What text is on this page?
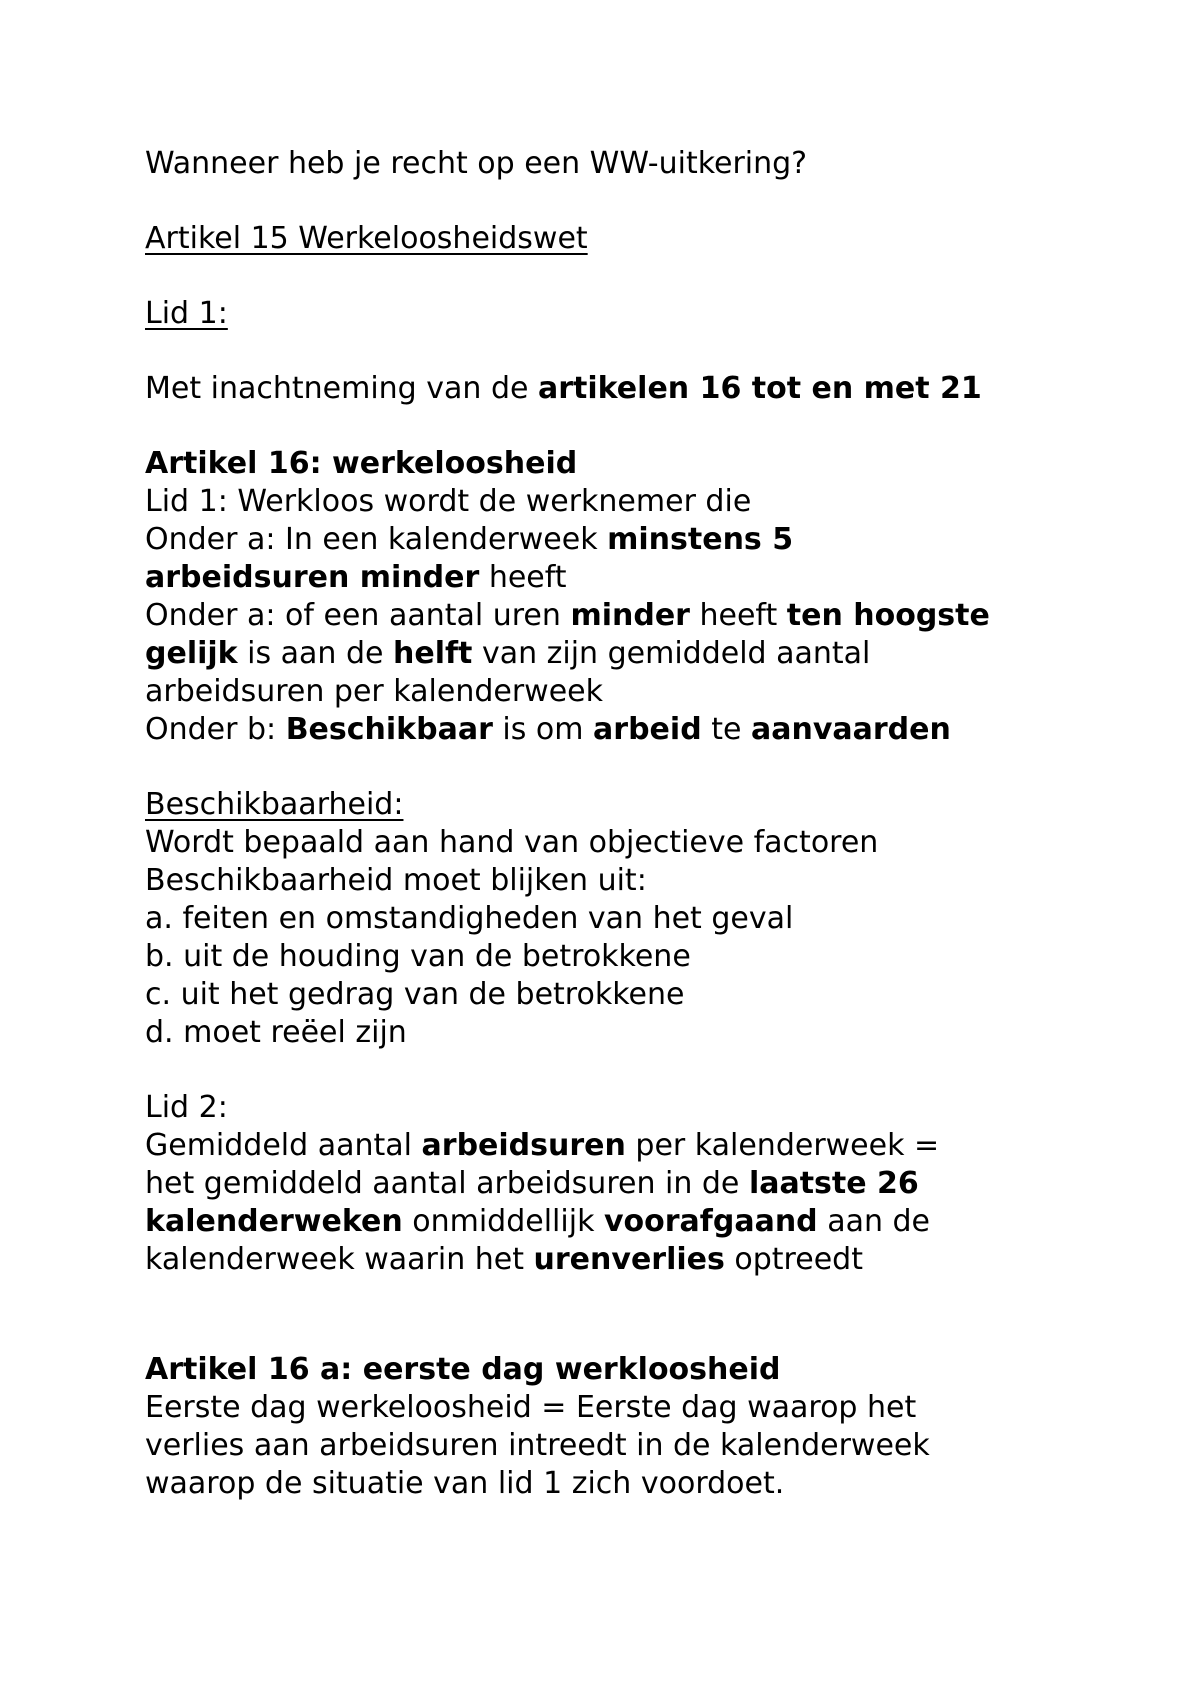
Wanneer heb je recht op een WW-uitkering?
Artikel 15 Werkeloosheidswet
Lid 1:
Met inachtneming van de artikelen 16 tot en met 21
Artikel 16: werkeloosheid
Lid 1: Werkloos wordt de werknemer die
Onder a: In een kalenderweek minstens 5
arbeidsuren minder heeft
Onder a: of een aantal uren minder heeft ten hoogste
gelijk is aan de helft van zijn gemiddeld aantal
arbeidsuren per kalenderweek
Onder b: Beschikbaar is om arbeid te aanvaarden
Beschikbaarheid:
Wordt bepaald aan hand van objectieve factoren
Beschikbaarheid moet blijken uit:
a. feiten en omstandigheden van het geval
b. uit de houding van de betrokkene
c. uit het gedrag van de betrokkene
d. moet reëel zijn
Lid 2:
Gemiddeld aantal arbeidsuren per kalenderweek =
het gemiddeld aantal arbeidsuren in de laatste 26
kalenderweken onmiddellijk voorafgaand aan de
kalenderweek waarin het urenverlies optreedt
Artikel 16 a: eerste dag werkloosheid
Eerste dag werkeloosheid = Eerste dag waarop het
verlies aan arbeidsuren intreedt in de kalenderweek
waarop de situatie van lid 1 zich voordoet.
